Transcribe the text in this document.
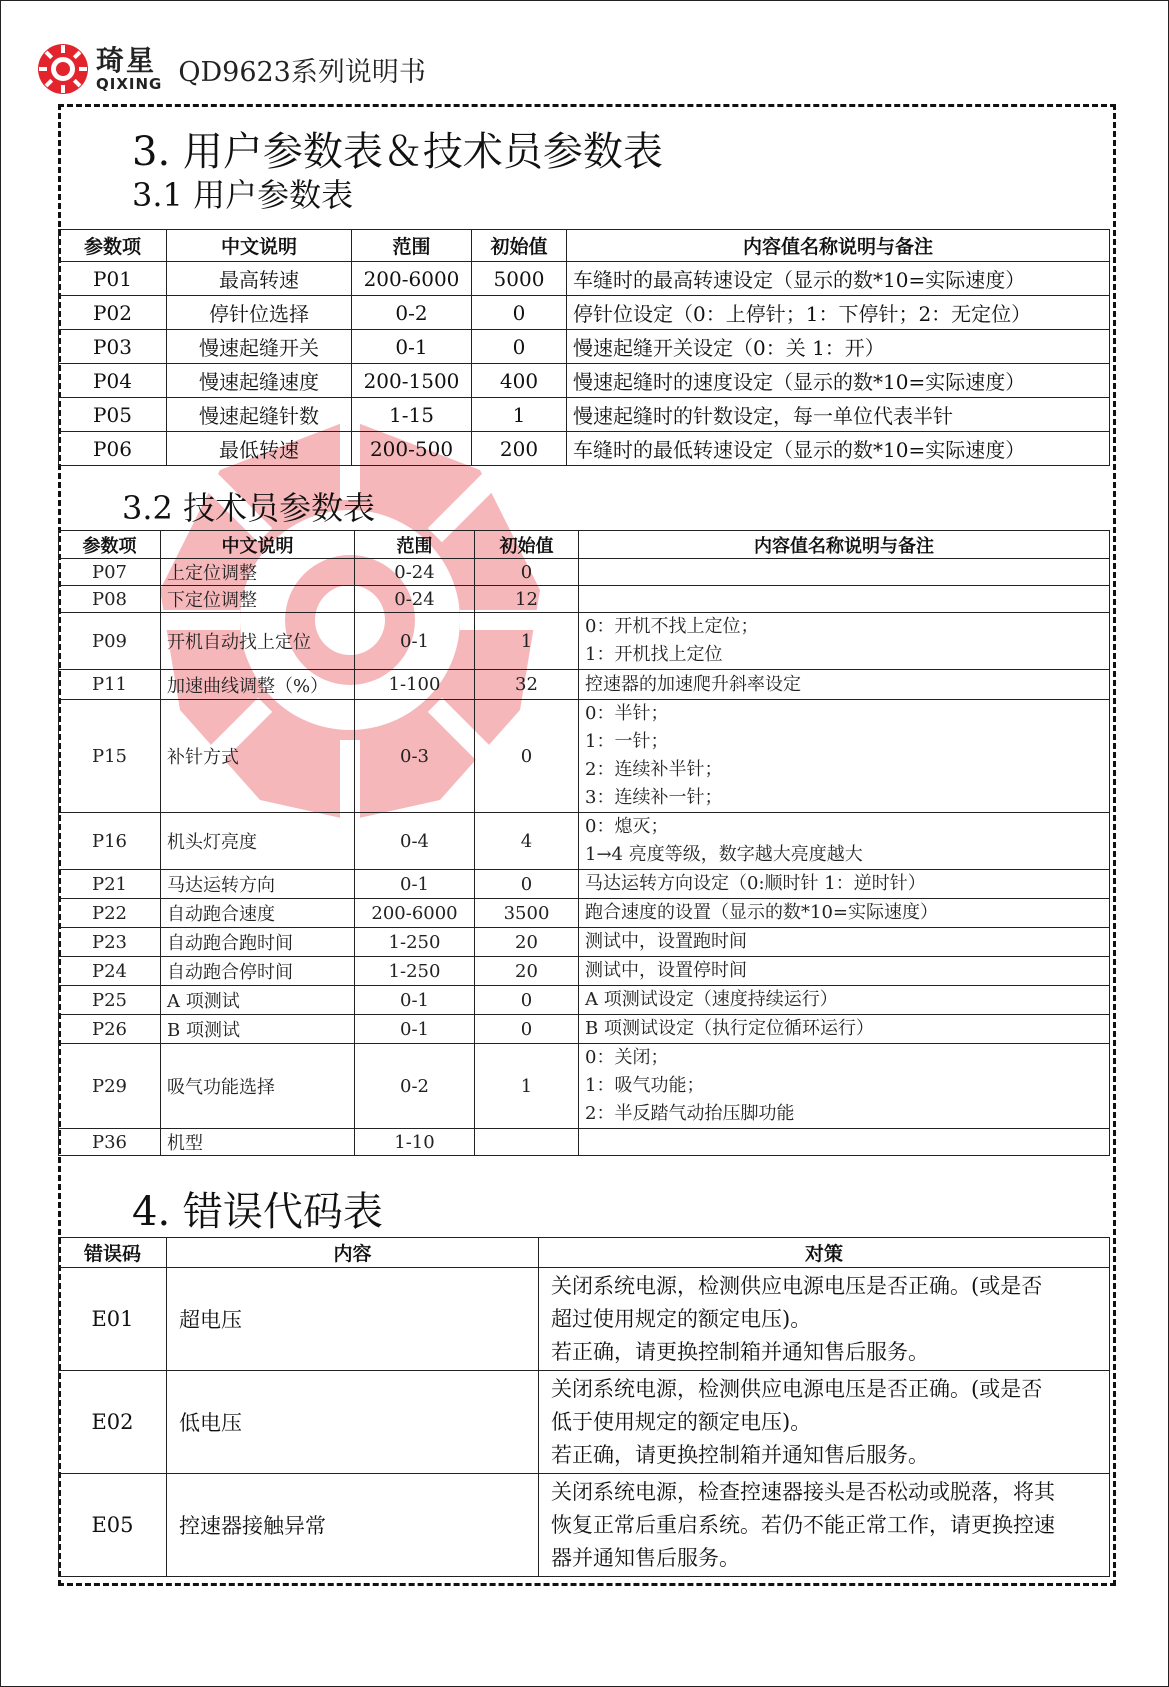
琦星
QIXING QD9623系列说明书
3. 用户参数表＆技术员参数表
3.1 用户参数表
参数项	中文说明	范围	初始值	内容值名称说明与备注
P01	最高转速	200-6000	5000	车缝时的最高转速设定（显示的数*10=实际速度）
P02	停针位选择	0-2	0	停针位设定（0：上停针；1：下停针；2：无定位）
P03	慢速起缝开关	0-1	0	慢速起缝开关设定（0：关 1：开）
P04	慢速起缝速度	200-1500	400	慢速起缝时的速度设定（显示的数*10=实际速度）
P05	慢速起缝针数	1-15	1	慢速起缝时的针数设定，每一单位代表半针
P06	最低转速	200-500	200	车缝时的最低转速设定（显示的数*10=实际速度）
3.2 技术员参数表
参数项	中文说明	范围	初始值	内容值名称说明与备注
P07	上定位调整	0-24	0	

P08	下定位调整	0-24	12	

P09	开机自动找上定位	0-1	1	0：开机不找上定位；
1：开机找上定位

P11	加速曲线调整（%）	1-100	32	控速器的加速爬升斜率设定

P15	补针方式	0-3	0	0：半针；
1：一针；
2：连续补半针；
3：连续补一针；

P16	机头灯亮度	0-4	4	0：熄灭；
1→4 亮度等级，数字越大亮度越大

P21	马达运转方向	0-1	0	马达运转方向设定（0:顺时针 1：逆时针）

P22	自动跑合速度	200-6000	3500	跑合速度的设置（显示的数*10=实际速度）

P23	自动跑合跑时间	1-250	20	测试中，设置跑时间

P24	自动跑合停时间	1-250	20	测试中，设置停时间

P25	A 项测试	0-1	0	A 项测试设定（速度持续运行）

P26	B 项测试	0-1	0	B 项测试设定（执行定位循环运行）

P29	吸气功能选择	0-2	1	0：关闭；
1：吸气功能；
2：半反踏气动抬压脚功能

P36	机型	1-10		
4. 错误代码表
错误码	内容	对策
E01	超电压	关闭系统电源，检测供应电源电压是否正确。(或是否
超过使用规定的额定电压)。
若正确，请更换控制箱并通知售后服务。

E02	低电压	关闭系统电源，检测供应电源电压是否正确。(或是否
低于使用规定的额定电压)。
若正确，请更换控制箱并通知售后服务。

E05	控速器接触异常	关闭系统电源，检查控速器接头是否松动或脱落，将其
恢复正常后重启系统。若仍不能正常工作，请更换控速
器并通知售后服务。
